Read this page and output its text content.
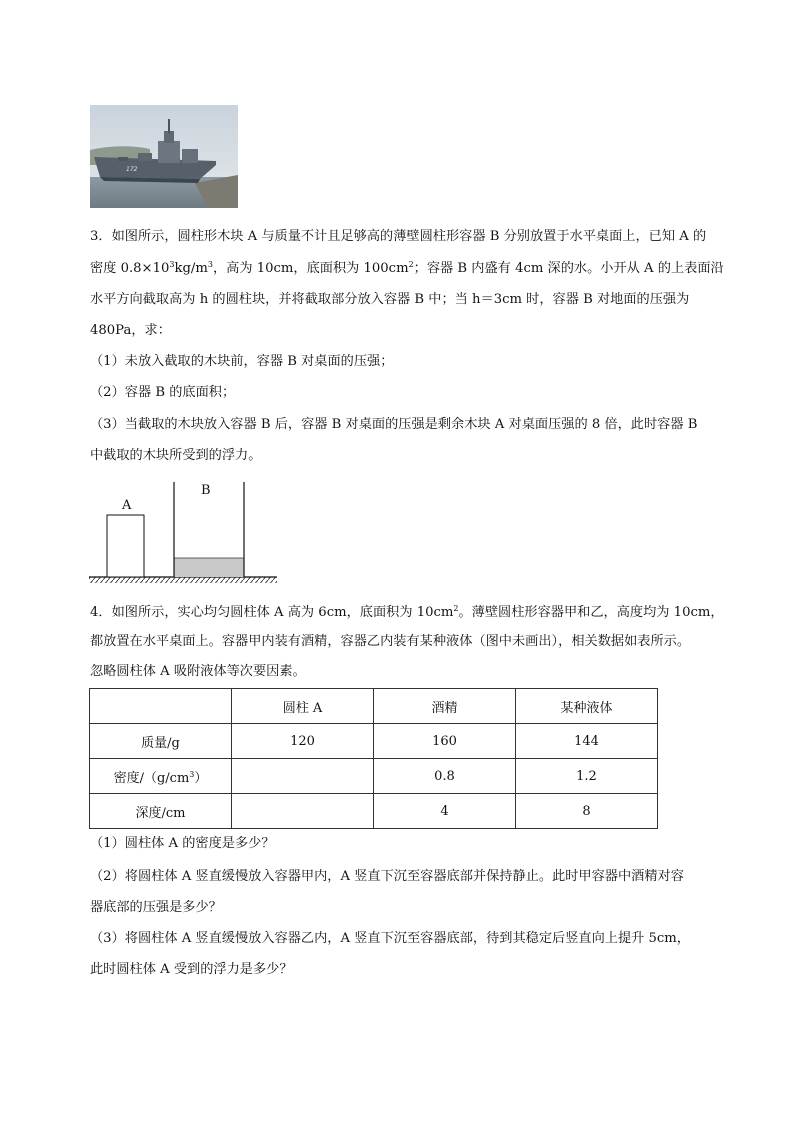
172
3．如图所示，圆柱形木块 A 与质量不计且足够高的薄壁圆柱形容器 B 分别放置于水平桌面上，已知 A 的
密度 $0.8\times 10^3kg/m^3$，高为 10cm，底面积为 $100cm^2$；容器 B 内盛有 4cm 深的水。小开从 A 的上表面沿
水平方向截取高为 h 的圆柱块，并将截取部分放入容器 B 中；当 h＝3cm 时，容器 B 对地面的压强为
480Pa，求：
（1）未放入截取的木块前，容器 B 对桌面的压强；
（2）容器 B 的底面积；
（3）当截取的木块放入容器 B 后，容器 B 对桌面的压强是剩余木块 A 对桌面压强的 8 倍，此时容器 B
中截取的木块所受到的浮力。
A
B
4．如图所示，实心均匀圆柱体 A 高为 6cm，底面积为 $10cm^2$。薄壁圆柱形容器甲和乙，高度均为 10cm，
都放置在水平桌面上。容器甲内装有酒精，容器乙内装有某种液体（图中未画出），相关数据如表所示。
忽略圆柱体 A 吸附液体等次要因素。
	圆柱 A	酒精	某种液体
质量/g	120	160	144
密度$/(g/cm^3)$		0.8	1.2
深度/cm		4	8
（1）圆柱体 A 的密度是多少？
（2）将圆柱体 A 竖直缓慢放入容器甲内，A 竖直下沉至容器底部并保持静止。此时甲容器中酒精对容
器底部的压强是多少？
（3）将圆柱体 A 竖直缓慢放入容器乙内，A 竖直下沉至容器底部，待到其稳定后竖直向上提升 5cm，
此时圆柱体 A 受到的浮力是多少？
